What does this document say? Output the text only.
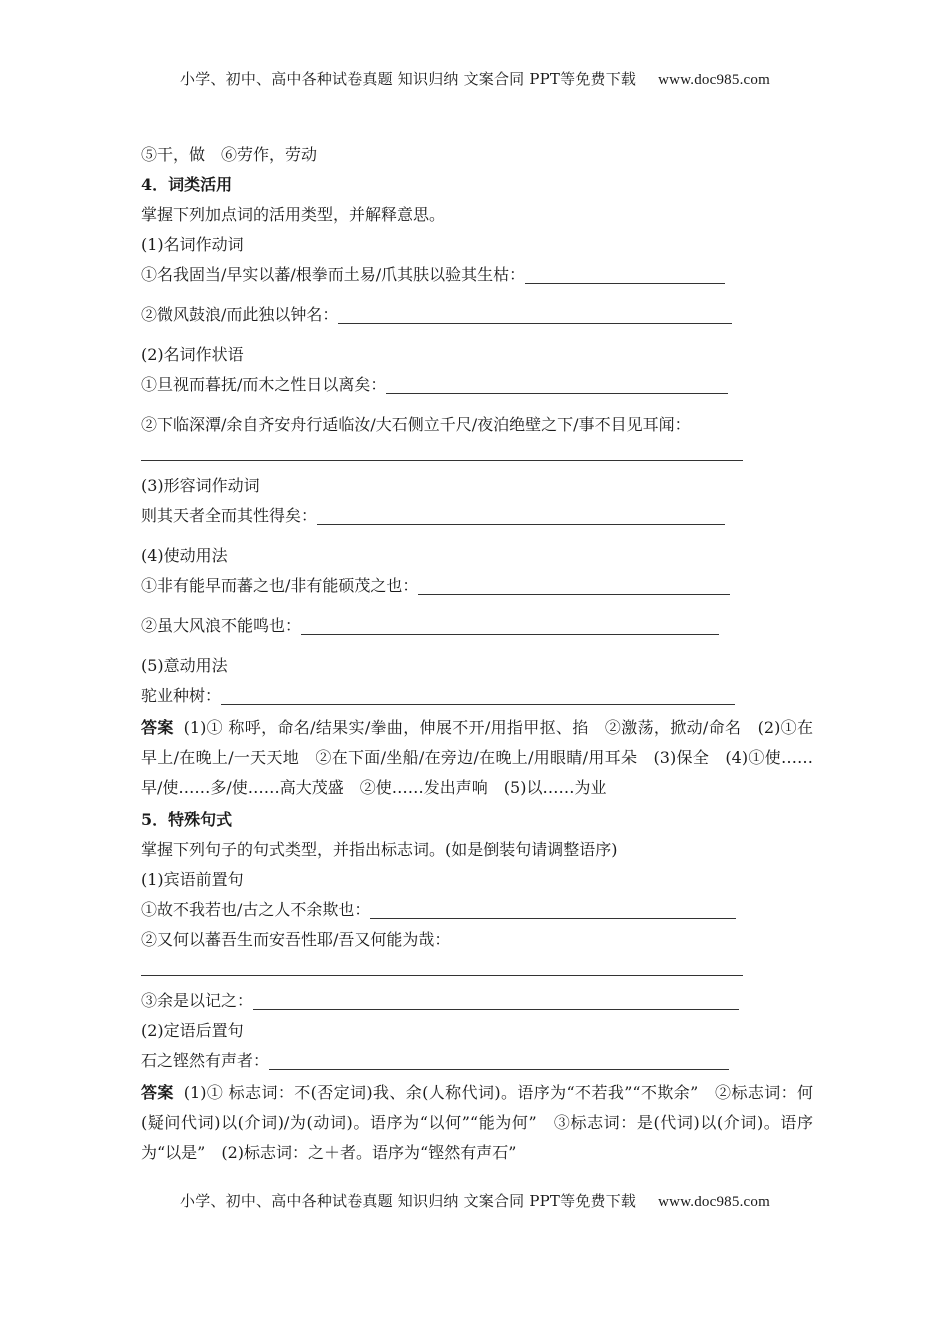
小学、初中、高中各种试卷真题 知识归纳 文案合同 PPT等免费下载 www.doc985.com
⑤干，做　⑥劳作，劳动
4．词类活用
掌握下列加点词的活用类型，并解释意思。
(1)名词作动词
①名我固当/早实以蕃/根拳而土易/爪其肤以验其生枯：
②微风鼓浪/而此独以钟名：
(2)名词作状语
①旦视而暮抚/而木之性日以离矣：
②下临深潭/余自齐安舟行适临汝/大石侧立千尺/夜泊绝壁之下/事不目见耳闻：
(3)形容词作动词
则其天者全而其性得矣：
(4)使动用法
①非有能早而蕃之也/非有能硕茂之也：
②虽大风浪不能鸣也：
(5)意动用法
驼业种树：
答案 (1)① 称呼，命名/结果实/拳曲，伸展不开/用指甲抠、掐　②激荡，掀动/命名　(2)①在早上/在晚上/一天天地　②在下面/坐船/在旁边/在晚上/用眼睛/用耳朵　(3)保全　(4)①使……早/使……多/使……高大茂盛　②使……发出声响　(5)以……为业
5．特殊句式
掌握下列句子的句式类型，并指出标志词。(如是倒装句请调整语序)
(1)宾语前置句
①故不我若也/古之人不余欺也：
②又何以蕃吾生而安吾性耶/吾又何能为哉：
③余是以记之：
(2)定语后置句
石之铿然有声者：
答案 (1)① 标志词：不(否定词)我、余(人称代词)。语序为“不若我”“不欺余”　②标志词：何(疑问代词)以(介词)/为(动词)。语序为“以何”“能为何”　③标志词：是(代词)以(介词)。语序为“以是”　(2)标志词：之＋者。语序为“铿然有声石”
小学、初中、高中各种试卷真题 知识归纳 文案合同 PPT等免费下载 www.doc985.com
